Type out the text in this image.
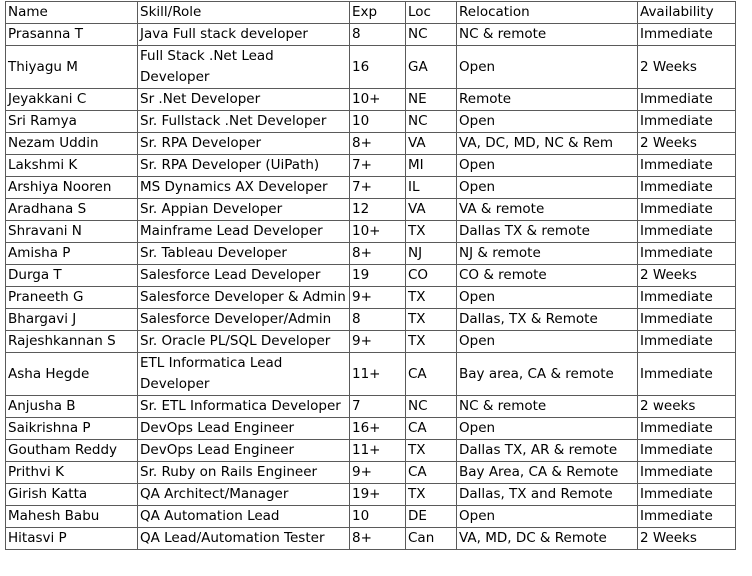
Name	Skill/Role	Exp	Loc	Relocation	Availability
Prasanna T	Java Full stack developer	8	NC	NC & remote	Immediate
Thiyagu M	Full Stack .Net Lead Developer	16	GA	Open	2 Weeks
Jeyakkani C	Sr .Net Developer	10+	NE	Remote	Immediate
Sri Ramya	Sr. Fullstack .Net Developer	10	NC	Open	Immediate
Nezam Uddin	Sr. RPA Developer	8+	VA	VA, DC, MD, NC & Rem	2 Weeks
Lakshmi K	Sr. RPA Developer (UiPath)	7+	MI	Open	Immediate
Arshiya Nooren	MS Dynamics AX Developer	7+	IL	Open	Immediate
Aradhana S	Sr. Appian Developer	12	VA	VA & remote	Immediate
Shravani N	Mainframe Lead Developer	10+	TX	Dallas TX & remote	Immediate
Amisha P	Sr. Tableau Developer	8+	NJ	NJ & remote	Immediate
Durga T	Salesforce Lead Developer	19	CO	CO & remote	2 Weeks
Praneeth G	Salesforce Developer & Admin	9+	TX	Open	Immediate
Bhargavi J	Salesforce Developer/Admin	8	TX	Dallas, TX & Remote	Immediate
Rajeshkannan S	Sr. Oracle PL/SQL Developer	9+	TX	Open	Immediate
Asha Hegde	ETL Informatica Lead Developer	11+	CA	Bay area, CA & remote	Immediate
Anjusha B	Sr. ETL Informatica Developer	7	NC	NC & remote	2 weeks
Saikrishna P	DevOps Lead Engineer	16+	CA	Open	Immediate
Goutham Reddy	DevOps Lead Engineer	11+	TX	Dallas TX, AR & remote	Immediate
Prithvi K	Sr. Ruby on Rails Engineer	9+	CA	Bay Area, CA & Remote	Immediate
Girish Katta	QA Architect/Manager	19+	TX	Dallas, TX and Remote	Immediate
Mahesh Babu	QA Automation Lead	10	DE	Open	Immediate
Hitasvi P	QA Lead/Automation Tester	8+	Can	VA, MD, DC & Remote	2 Weeks
